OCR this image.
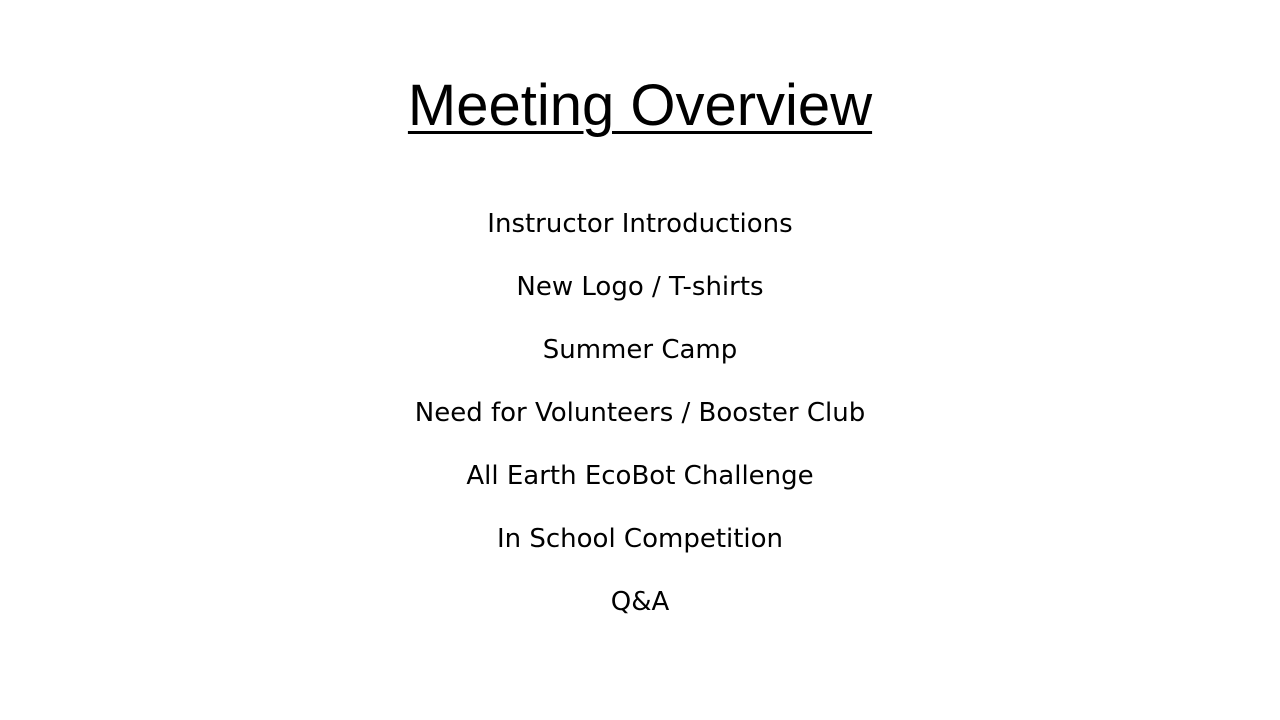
Meeting Overview
Instructor Introductions
New Logo / T-shirts
Summer Camp
Need for Volunteers / Booster Club
All Earth EcoBot Challenge
In School Competition
Q&A
